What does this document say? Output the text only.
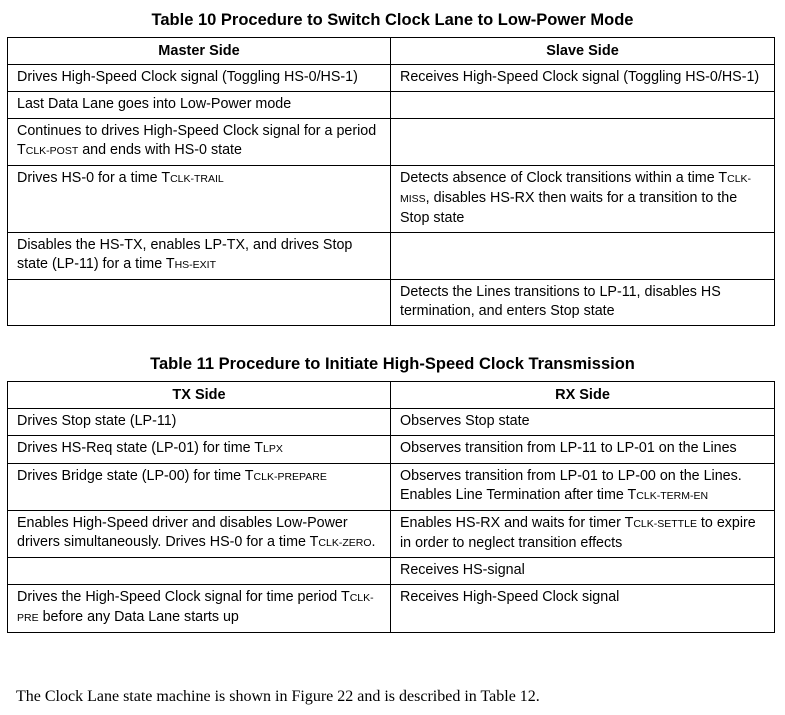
Table 10 Procedure to Switch Clock Lane to Low-Power Mode
Master Side	Slave Side
Drives High-Speed Clock signal (Toggling HS-0/HS-1)	Receives High-Speed Clock signal (Toggling HS-0/HS-1)
Last Data Lane goes into Low-Power mode	
Continues to drives High-Speed Clock signal for a period TCLK-POST and ends with HS-0 state	
Drives HS-0 for a time TCLK-TRAIL	Detects absence of Clock transitions within a time TCLK-MISS, disables HS-RX then waits for a transition to the Stop state
Disables the HS-TX, enables LP-TX, and drives Stop state (LP-11) for a time THS-EXIT	
	Detects the Lines transitions to LP-11, disables HS termination, and enters Stop state
Table 11 Procedure to Initiate High-Speed Clock Transmission
TX Side	RX Side
Drives Stop state (LP-11)	Observes Stop state
Drives HS-Req state (LP-01) for time TLPX	Observes transition from LP-11 to LP-01 on the Lines
Drives Bridge state (LP-00) for time TCLK-PREPARE	Observes transition from LP-01 to LP-00 on the Lines. Enables Line Termination after time TCLK-TERM-EN
Enables High-Speed driver and disables Low-Power drivers simultaneously. Drives HS-0 for a time TCLK-ZERO.	Enables HS-RX and waits for timer TCLK-SETTLE to expire in order to neglect transition effects
	Receives HS-signal
Drives the High-Speed Clock signal for time period TCLK-PRE before any Data Lane starts up	Receives High-Speed Clock signal
The Clock Lane state machine is shown in Figure 22 and is described in Table 12.
